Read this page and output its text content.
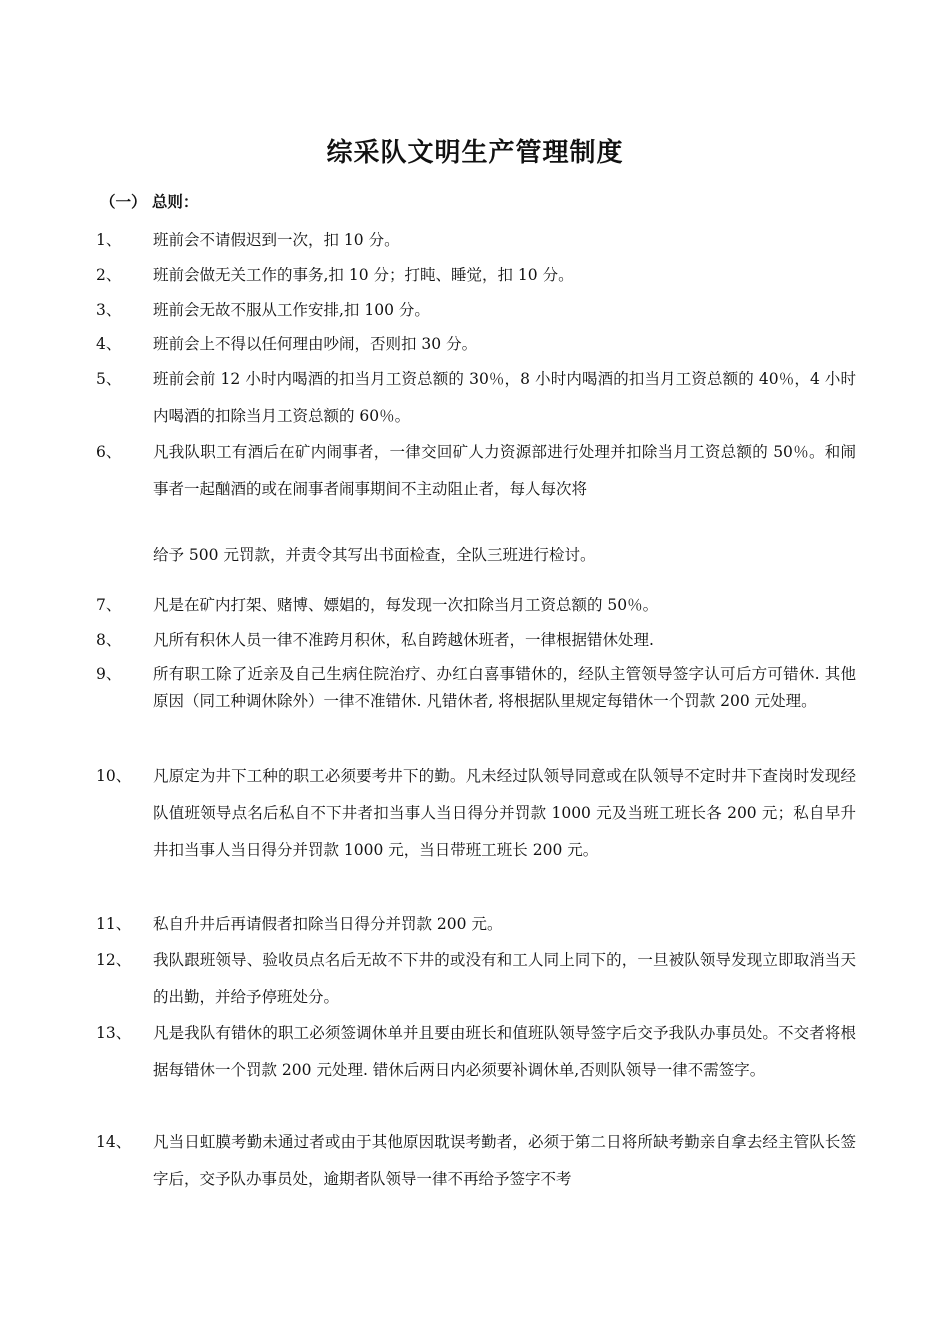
综采队文明生产管理制度

（一） 总则：

1、 班前会不请假迟到一次，扣 10 分。
2、 班前会做无关工作的事务,扣 10 分；打盹、睡觉，扣 10 分。
3、 班前会无故不服从工作安排,扣 100 分。
4、 班前会上不得以任何理由吵闹，否则扣 30 分。
5、 班前会前 12 小时内喝酒的扣当月工资总额的 30％，8 小时内喝酒的扣当月工资总额的 40％，4 小时内喝酒的扣除当月工资总额的 60％。
6、 凡我队职工有酒后在矿内闹事者，一律交回矿人力资源部进行处理并扣除当月工资总额的 50％。和闹事者一起酗酒的或在闹事者闹事期间不主动阻止者，每人每次将
给予 500 元罚款，并责令其写出书面检查，全队三班进行检讨。
7、 凡是在矿内打架、赌博、嫖娼的，每发现一次扣除当月工资总额的 50％。
8、 凡所有积休人员一律不准跨月积休，私自跨越休班者，一律根据错休处理.
9、 所有职工除了近亲及自己生病住院治疗、办红白喜事错休的，经队主管领导签字认可后方可错休. 其他原因（同工种调休除外）一律不准错休. 凡错休者, 将根据队里规定每错休一个罚款 200 元处理。
10、 凡原定为井下工种的职工必须要考井下的勤。凡未经过队领导同意或在队领导不定时井下查岗时发现经队值班领导点名后私自不下井者扣当事人当日得分并罚款 1000 元及当班工班长各 200 元；私自早升井扣当事人当日得分并罚款 1000 元，当日带班工班长 200 元。
11、 私自升井后再请假者扣除当日得分并罚款 200 元。
12、 我队跟班领导、验收员点名后无故不下井的或没有和工人同上同下的，一旦被队领导发现立即取消当天的出勤，并给予停班处分。
13、 凡是我队有错休的职工必须签调休单并且要由班长和值班队领导签字后交予我队办事员处。不交者将根据每错休一个罚款 200 元处理. 错休后两日内必须要补调休单,否则队领导一律不需签字。
14、 凡当日虹膜考勤未通过者或由于其他原因耽误考勤者，必须于第二日将所缺考勤亲自拿去经主管队长签字后，交予队办事员处，逾期者队领导一律不再给予签字不考
